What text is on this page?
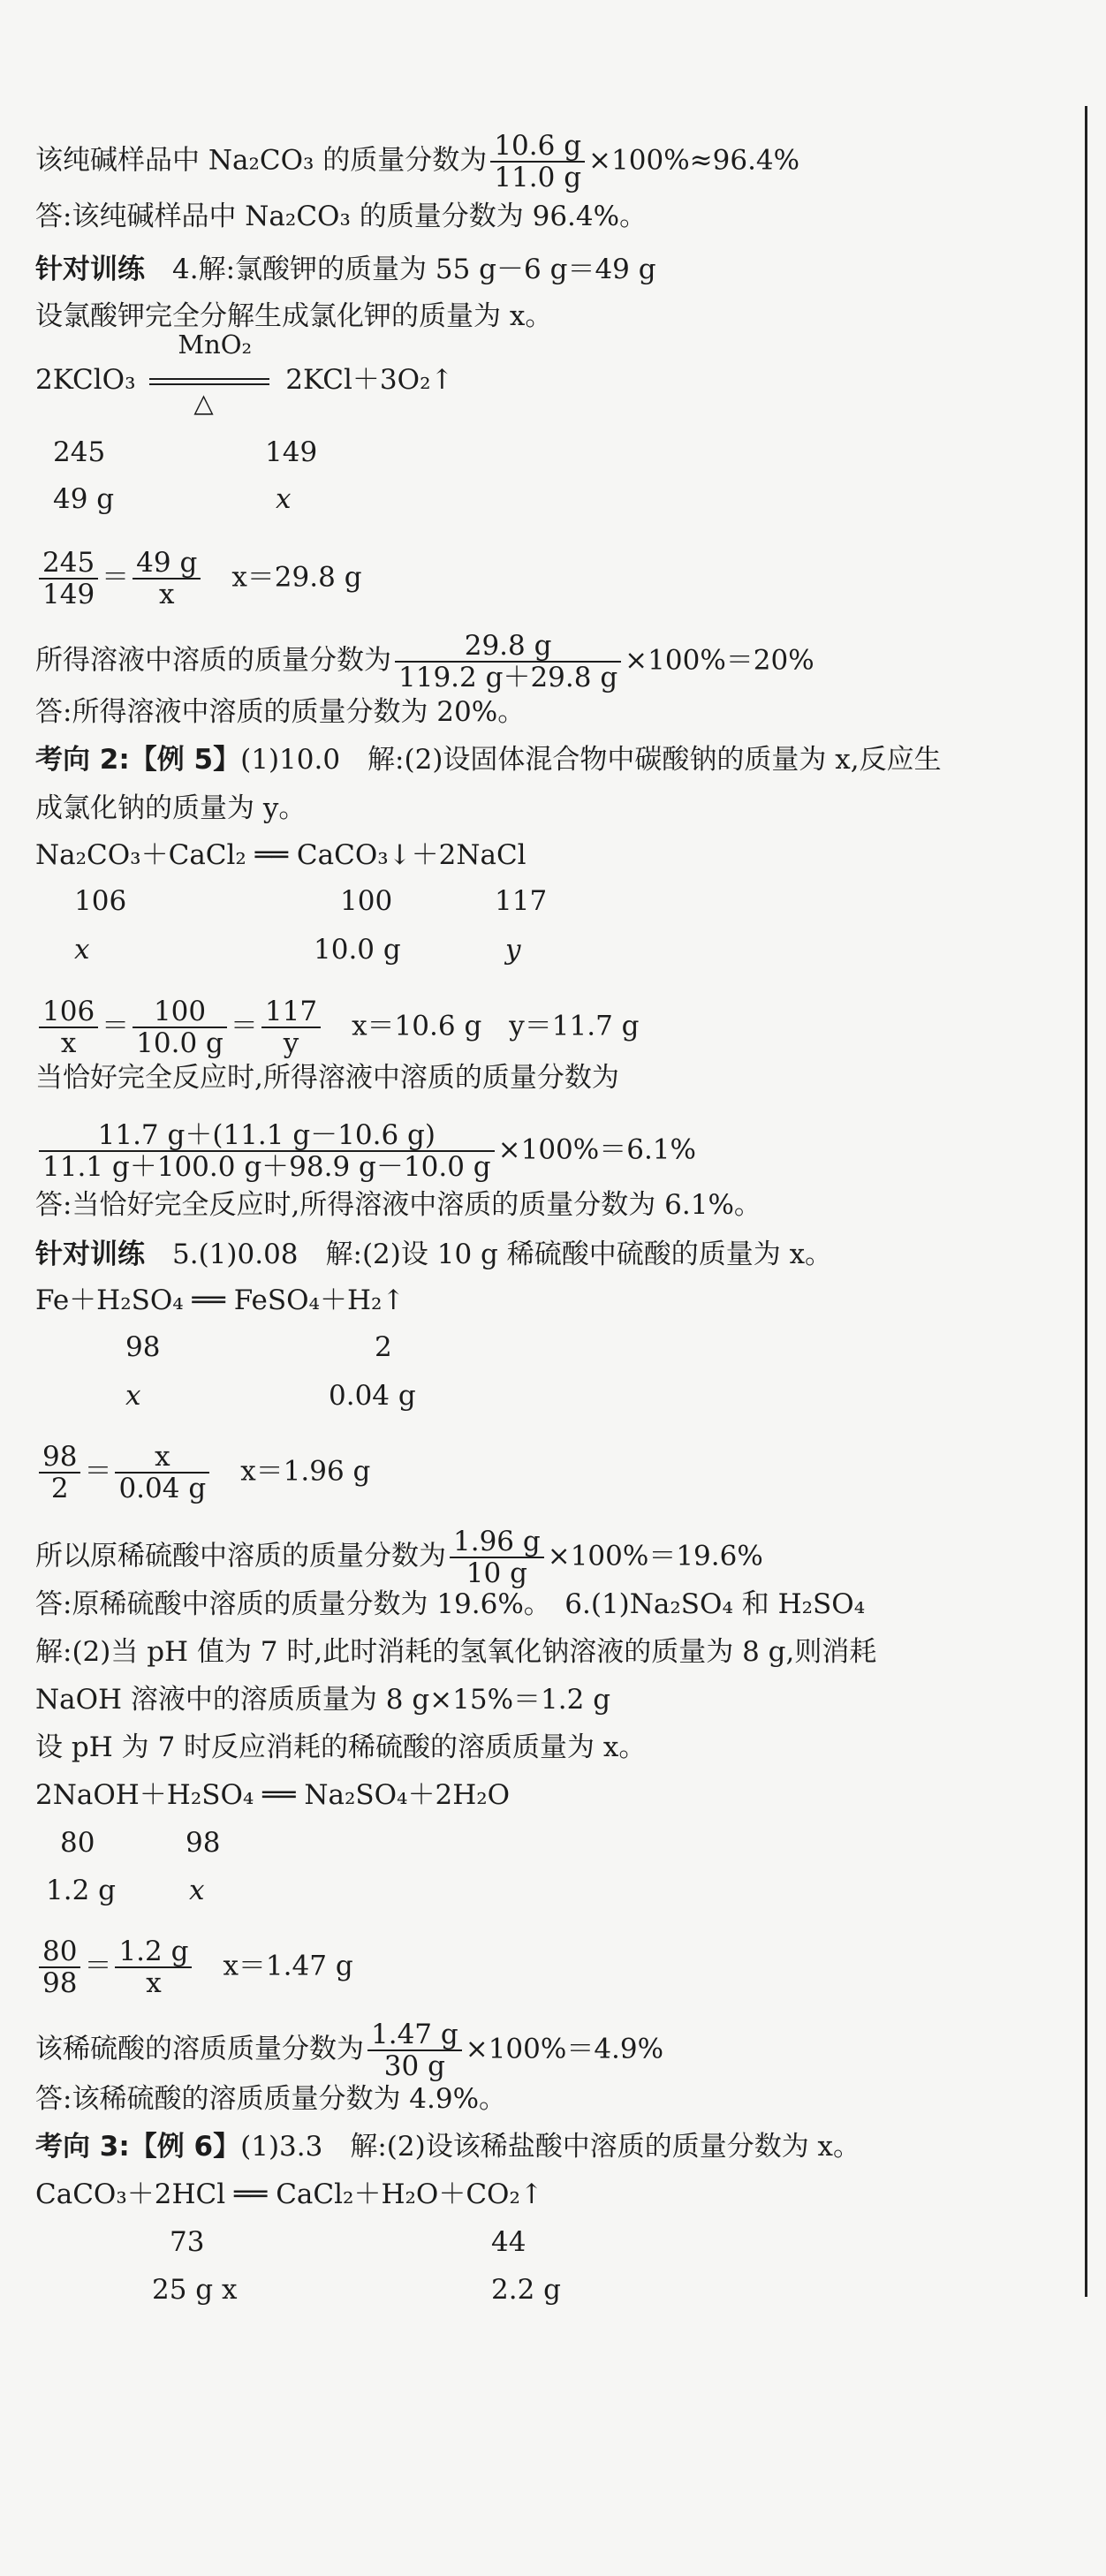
该纯碱样品中 Na₂CO₃ 的质量分数为 $\frac{10.6 g}{11.0 g} \times 100\%\approx 96.4\%$
答:该纯碱样品中 Na₂CO₃ 的质量分数为 96.4%。
针对训练　 4.解:氯酸钾的质量为 55 g－6 g＝49 g
设氯酸钾完全分解生成氯化钾的质量为 x。
2KClO₃
MnO₂
△
2KCl＋3O₂↑
245	149
49 g	x
$\frac{245}{149} = \frac{49 g}{x}$
　 x＝29.8 g
所得溶液中溶质的质量分数为 $\frac{29.8 g}{119.2 g+29.8 g} \times 100\%=20\%$
答:所得溶液中溶质的质量分数为 20%。
考向 2:【例 5】(1)10.0　解:(2)设固体混合物中碳酸钠的质量为 x,反应生
成氯化钠的质量为 y。
Na₂CO₃＋CaCl₂ ══ CaCO₃↓＋2NaCl
106	100	117
x	10.0 g	y
$\frac{106}{x} = \frac{100}{10.0 g} = \frac{117}{y}$
　 x＝10.6 g　y＝11.7 g
当恰好完全反应时,所得溶液中溶质的质量分数为
$\frac{11.7 g+(11.1 g-10.6 g)}{11.1 g+100.0 g+98.9 g-10.0 g} \times 100\%=6.1\%$
答:当恰好完全反应时,所得溶液中溶质的质量分数为 6.1%。
针对训练　 5.(1)0.08　解:(2)设 10 g 稀硫酸中硫酸的质量为 x。
Fe＋H₂SO₄ ══ FeSO₄＋H₂↑
98	2
x	0.04 g
$\frac{98}{2} = \frac{x}{0.04 g}$
　 x＝1.96 g
所以原稀硫酸中溶质的质量分数为 $\frac{1.96 g}{10 g} \times 100\%=19.6\%$
答:原稀硫酸中溶质的质量分数为 19.6%。　6.(1)Na₂SO₄ 和 H₂SO₄
解:(2)当 pH 值为 7 时,此时消耗的氢氧化钠溶液的质量为 8 g,则消耗
NaOH 溶液中的溶质质量为 8 g×15%＝1.2 g
设 pH 为 7 时反应消耗的稀硫酸的溶质质量为 x。
2NaOH＋H₂SO₄ ══ Na₂SO₄＋2H₂O
80	98
1.2 g	x
$\frac{80}{98} = \frac{1.2 g}{x}$
　 x＝1.47 g
该稀硫酸的溶质质量分数为 $\frac{1.47 g}{30 g} \times 100\%=4.9\%$
答:该稀硫酸的溶质质量分数为 4.9%。
考向 3:【例 6】(1)3.3　解:(2)设该稀盐酸中溶质的质量分数为 x。
CaCO₃＋2HCl ══ CaCl₂＋H₂O＋CO₂↑
73	44
25 g x	2.2 g
